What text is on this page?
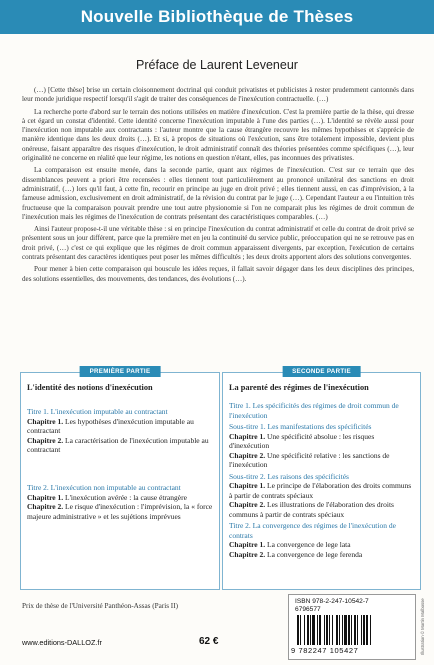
Nouvelle Bibliothèque de Thèses
Préface de Laurent Leveneur

(…) [Cette thèse] brise un certain cloisonnement doctrinal qui conduit privatistes et publicistes à rester prudemment cantonnés dans leur monde juridique respectif lorsqu'il s'agit de traiter des conséquences de l'inexécution contractuelle. (…)

La recherche porte d'abord sur le terrain des notions utilisées en matière d'inexécution. C'est la première partie de la thèse, qui dresse à cet égard un constat d'identité. Cette identité concerne l'inexécution imputable à l'une des parties (…). L'identité se révèle aussi pour l'inexécution non imputable aux contractants : l'auteur montre que la cause étrangère recouvre les mêmes hypothèses et s'apprécie de manière identique dans les deux droits (…). Et si, à propos de situations où l'exécution, sans être totalement impossible, devient plus onéreuse, faisant apparaître des risques d'inexécution, le droit administratif connaît des théories présentées comme spécifiques (…), leur originalité ne concerne en réalité que leur régime, les notions en question n'étant, elles, pas inconnues des privatistes.

La comparaison est ensuite menée, dans la seconde partie, quant aux régimes de l'inexécution. C'est sur ce terrain que des dissemblances peuvent a priori être recensées : elles tiennent tout particulièrement au prononcé unilatéral des sanctions en droit administratif, (…) lors qu'il faut, à cette fin, recourir en principe au juge en droit privé ; elles tiennent aussi, en cas d'imprévision, à la fameuse admission, exclusivement en droit administratif, de la révision du contrat par le juge (…). Cependant l'auteur a eu l'intuition très fructueuse que la comparaison pouvait prendre une tout autre physionomie si l'on ne comparait plus les régimes de droit commun de l'inexécution mais les régimes de l'inexécution de contrats présentant des caractéristiques comparables. (…)

Ainsi l'auteur propose-t-il une véritable thèse : si en principe l'inexécution du contrat administratif et celle du contrat de droit privé se présentent sous un jour différent, parce que la première met en jeu la continuité du service public, préoccupation qui ne se retrouve pas en droit privé, (…) c'est ce qui explique que les régimes de droit commun apparaissent divergents, par exception, l'exécution de certains contrats présentant des caractères identiques peut poser les mêmes difficultés ; les deux droits apportent alors des solutions convergentes.

Pour mener à bien cette comparaison qui bouscule les idées reçues, il fallait savoir dégager dans les deux disciplines des principes, des solutions essentielles, des mouvements, des tendances, des évolutions (…).

PREMIÈRE PARTIE
L'identité des notions d'inexécution
Titre 1. L'inexécution imputable au contractant
Chapitre 1. Les hypothèses d'inexécution imputable au contractant
Chapitre 2. La caractérisation de l'inexécution imputable au contractant
Titre 2. L'inexécution non imputable au contractant
Chapitre 1. L'inexécution avérée : la cause étrangère
Chapitre 2. Le risque d'inexécution : l'imprévision, la « force majeure administrative » et les sujétions imprévues
SECONDE PARTIE
La parenté des régimes de l'inexécution
Titre 1. Les spécificités des régimes de droit commun de l'inexécution
Sous-titre 1. Les manifestations des spécificités
Chapitre 1. Une spécificité absolue : les risques d'inexécution
Chapitre 2. Une spécificité relative : les sanctions de l'inexécution
Sous-titre 2. Les raisons des spécificités
Chapitre 1. Le principe de l'élaboration des droits communs à partir de contrats spéciaux
Chapitre 2. Les illustrations de l'élaboration des droits communs à partir de contrats spéciaux
Titre 2. La convergence des régimes de l'inexécution de contrats
Chapitre 1. La convergence de lege lata
Chapitre 2. La convergence de lege ferenda
Prix de thèse de l'Université Panthéon-Assas (Paris II)
www.editions-DALLOZ.fr	62 €
ISBN 978-2-247-10542-7
6796577
9 782247 105427	Illustration © Martin Malbosse
